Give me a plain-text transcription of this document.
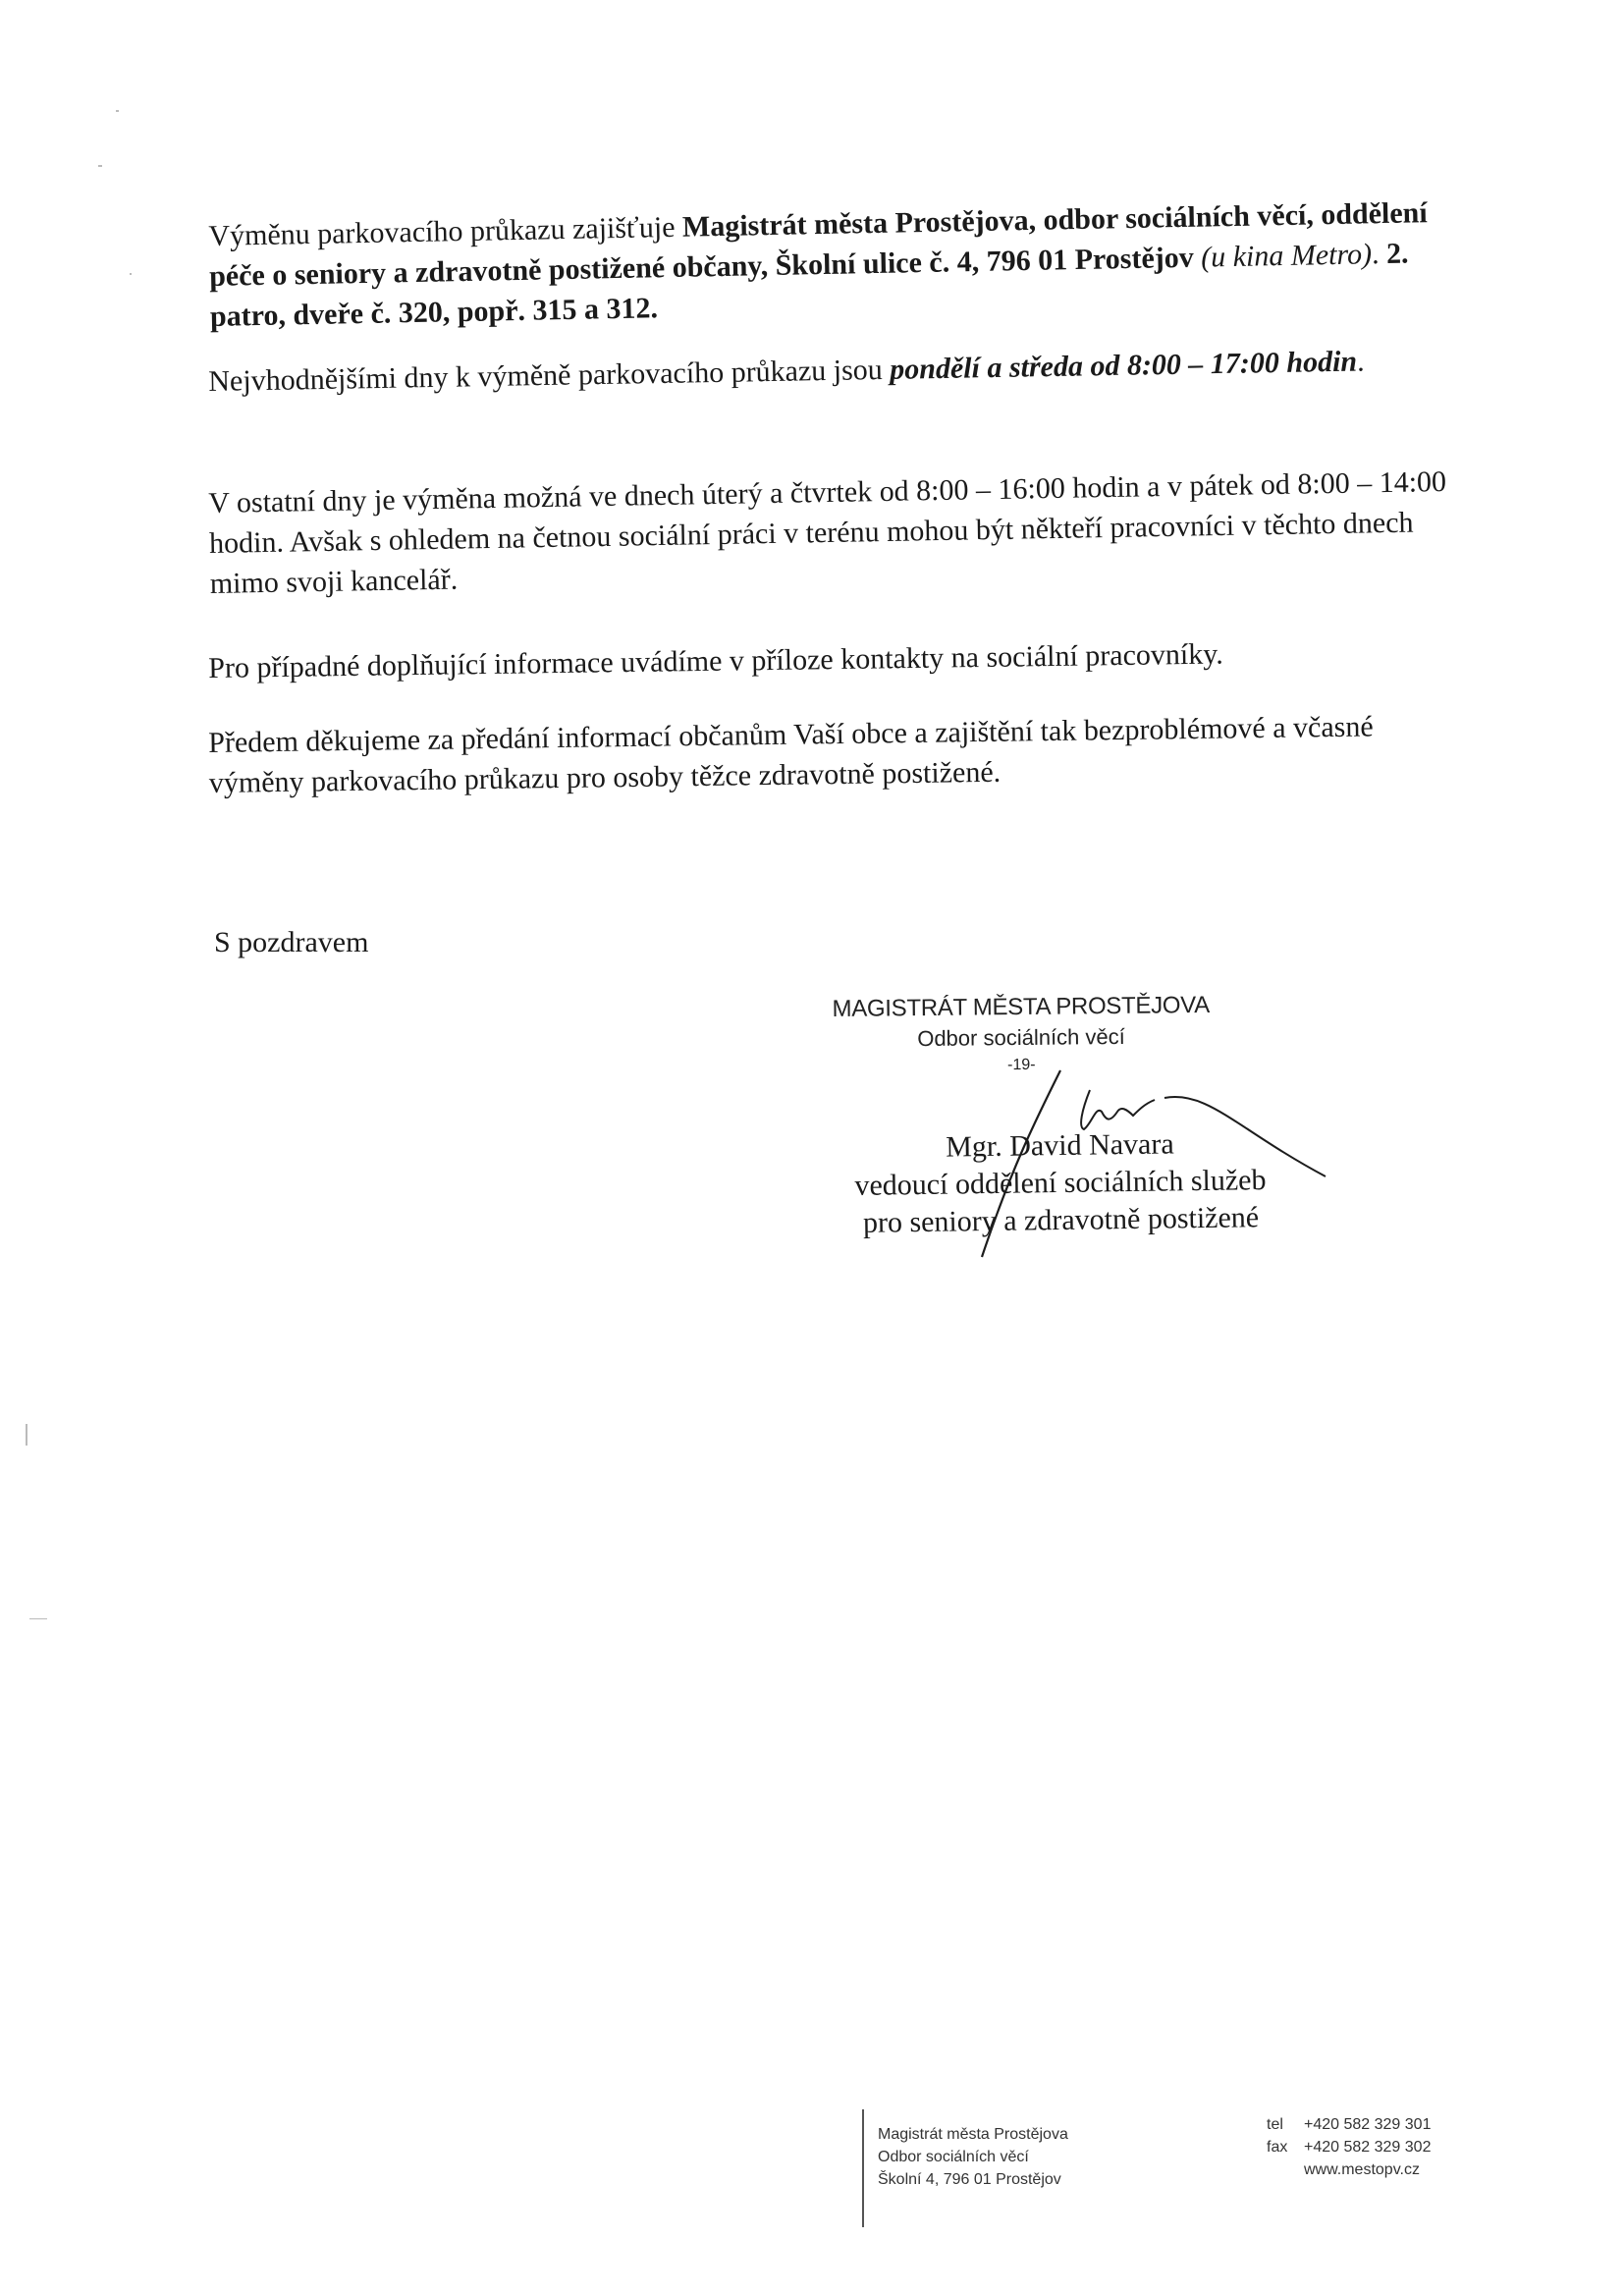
Výměnu parkovacího průkazu zajišťuje Magistrát města Prostějova, odbor sociálních věcí, oddělení péče o seniory a zdravotně postižené občany, Školní ulice č. 4, 796 01 Prostějov (u kina Metro). 2. patro, dveře č. 320, popř. 315 a 312.

Nejvhodnějšími dny k výměně parkovacího průkazu jsou pondělí a středa od 8:00 – 17:00 hodin.

V ostatní dny je výměna možná ve dnech úterý a čtvrtek od 8:00 – 16:00 hodin a v pátek od 8:00 – 14:00 hodin. Avšak s ohledem na četnou sociální práci v terénu mohou být někteří pracovníci v těchto dnech mimo svoji kancelář.

Pro případné doplňující informace uvádíme v příloze kontakty na sociální pracovníky.

Předem děkujeme za předání informací občanům Vaší obce a zajištění tak bezproblémové a včasné výměny parkovacího průkazu pro osoby těžce zdravotně postižené.

S pozdravem
MAGISTRÁT MĚSTA PROSTĚJOVA
Odbor sociálních věcí
-19-
Mgr. David Navara
vedoucí oddělení sociálních služeb
pro seniory a zdravotně postižené
Magistrát města Prostějova
Odbor sociálních věcí
Školní 4, 796 01 Prostějov
tel +420 582 329 301
fax +420 582 329 302
www.mestopv.cz
